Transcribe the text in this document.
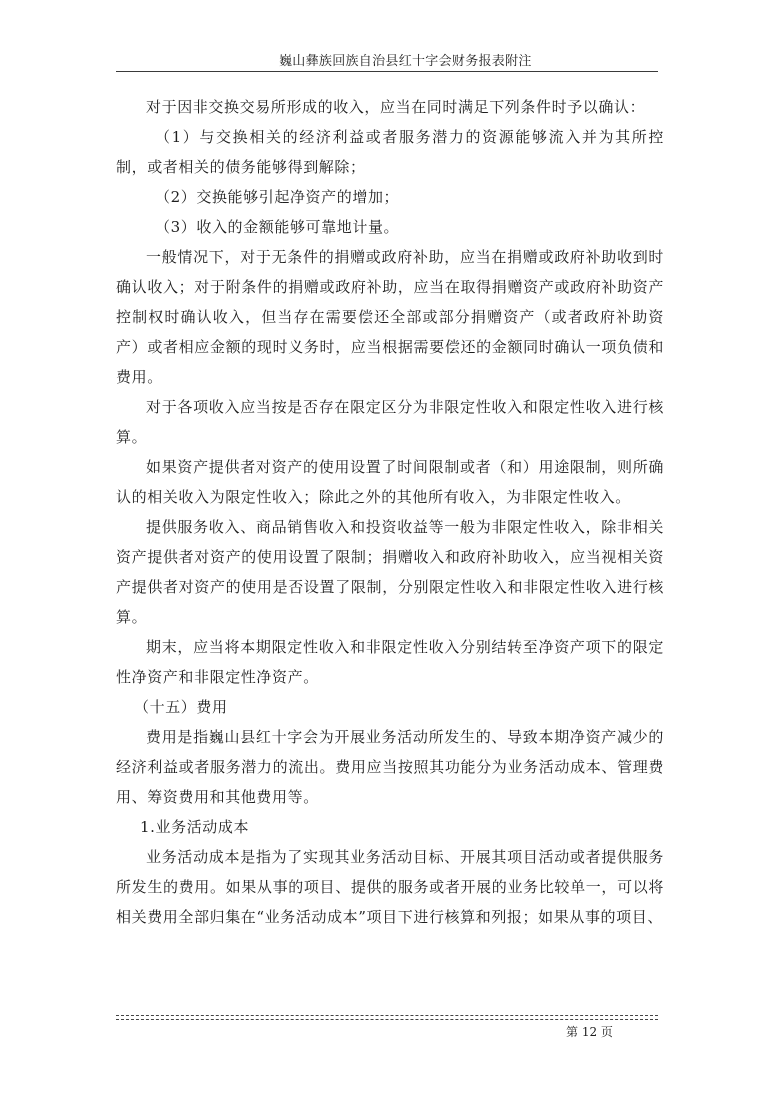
巍山彝族回族自治县红十字会财务报表附注

对于因非交换交易所形成的收入，应当在同时满足下列条件时予以确认：

（1）与交换相关的经济利益或者服务潜力的资源能够流入并为其所控制，或者相关的债务能够得到解除；

（2）交换能够引起净资产的增加；

（3）收入的金额能够可靠地计量。

一般情况下，对于无条件的捐赠或政府补助，应当在捐赠或政府补助收到时确认收入；对于附条件的捐赠或政府补助，应当在取得捐赠资产或政府补助资产控制权时确认收入，但当存在需要偿还全部或部分捐赠资产（或者政府补助资产）或者相应金额的现时义务时，应当根据需要偿还的金额同时确认一项负债和费用。

对于各项收入应当按是否存在限定区分为非限定性收入和限定性收入进行核算。

如果资产提供者对资产的使用设置了时间限制或者（和）用途限制，则所确认的相关收入为限定性收入；除此之外的其他所有收入，为非限定性收入。

提供服务收入、商品销售收入和投资收益等一般为非限定性收入，除非相关资产提供者对资产的使用设置了限制；捐赠收入和政府补助收入，应当视相关资产提供者对资产的使用是否设置了限制，分别限定性收入和非限定性收入进行核算。

期末，应当将本期限定性收入和非限定性收入分别结转至净资产项下的限定性净资产和非限定性净资产。

（十五）费用

费用是指巍山县红十字会为开展业务活动所发生的、导致本期净资产减少的经济利益或者服务潜力的流出。费用应当按照其功能分为业务活动成本、管理费用、筹资费用和其他费用等。

1.业务活动成本

业务活动成本是指为了实现其业务活动目标、开展其项目活动或者提供服务所发生的费用。如果从事的项目、提供的服务或者开展的业务比较单一，可以将相关费用全部归集在“业务活动成本”项目下进行核算和列报；如果从事的项目、

第 12 页
